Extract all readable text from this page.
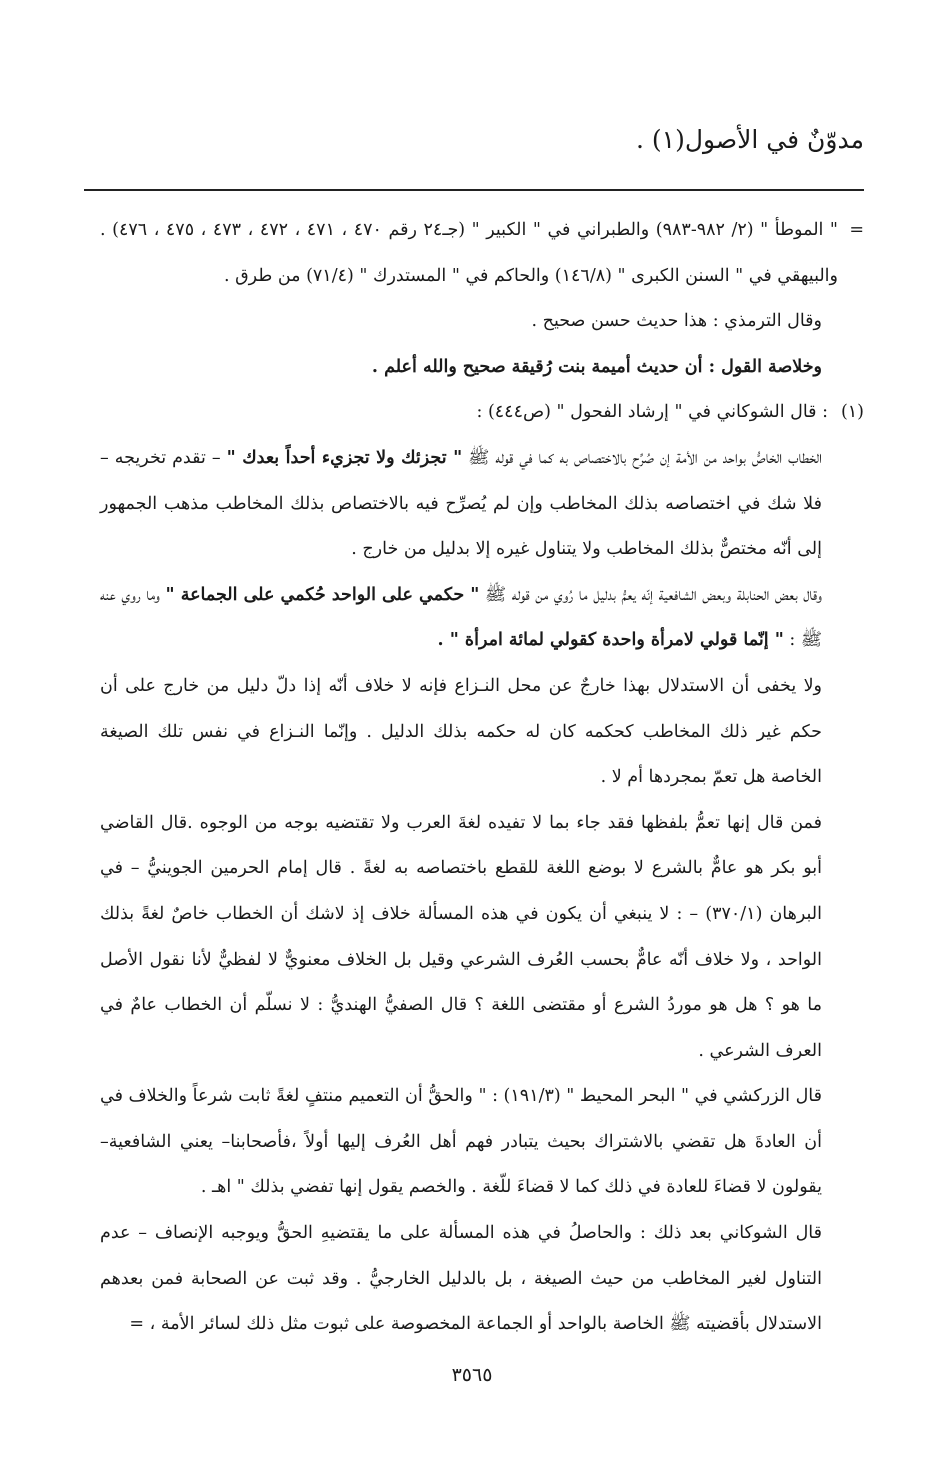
مدوّنٌ في الأصول(١) .

=
" الموطأ " (٢/ ٩٨٢-٩٨٣) والطبراني في " الكبير " (جـ٢٤ رقم ٤٧٠ ، ٤٧١ ، ٤٧٢ ، ٤٧٣ ، ٤٧٥ ، ٤٧٦) . والبيهقي في " السنن الكبرى " (١٤٦/٨) والحاكم في " المستدرك " (٧١/٤) من طرق .

وقال الترمذي : هذا حديث حسن صحيح .

وخلاصة القول : أن حديث أميمة بنت رُقيقة صحيح والله أعلم .

(١)
: قال الشوكاني في " إرشاد الفحول " (ص٤٤٤) :

الخطاب الخاصُّ بواحد من الأمة إن صُرِّح بالاختصاص به كما في قوله ﷺ " تجزئك ولا تجزيء أحداً بعدك " – تقدم تخريجه – فلا شك في اختصاصه بذلك المخاطب وإن لم يُصرِّح فيه بالاختصاص بذلك المخاطب مذهب الجمهور إلى أنّه مختصٌّ بذلك المخاطب ولا يتناول غيره إلا بدليل من خارج .

وقال بعض الحنابلة وبعض الشافعية إنّه يعمُّ بدليل ما رُوي من قوله ﷺ " حكمي على الواحد حُكمي على الجماعة " وما روي عنه ﷺ : " إنّما قولي لامرأة واحدة كقولي لمائة امرأة " .

ولا يخفى أن الاستدلال بهذا خارجٌ عن محل النـزاع فإنه لا خلاف أنّه إذا دلّ دليل من خارج على أن حكم غير ذلك المخاطب كحكمه كان له حكمه بذلك الدليل . وإنّما النـزاع في نفس تلك الصيغة الخاصة هل تعمّ بمجردها أم لا .

فمن قال إنها تعمُّ بلفظها فقد جاء بما لا تفيده لغةَ العرب ولا تقتضيه بوجه من الوجوه .قال القاضي أبو بكر هو عامٌّ بالشرع لا بوضع اللغة للقطع باختصاصه به لغةً . قال إمام الحرمين الجوينيُّ – في البرهان (٣٧٠/١) – : لا ينبغي أن يكون في هذه المسألة خلاف إذ لاشك أن الخطاب خاصٌ لغةً بذلك الواحد ، ولا خلاف أنّه عامٌّ بحسب العُرف الشرعي وقيل بل الخلاف معنويٌّ لا لفظيٌّ لأنا نقول الأصل ما هو ؟ هل هو موردُ الشرع أو مقتضى اللغة ؟ قال الصفيُّ الهنديُّ : لا نسلّم أن الخطاب عامٌ في العرف الشرعي .

قال الزركشي في " البحر المحيط " (١٩١/٣) : " والحقُّ أن التعميم منتفٍ لغةً ثابت شرعاً والخلاف في أن العادةَ هل تقضي بالاشتراك بحيث يتبادر فهم أهل العُرف إليها أولاً ،فأصحابنا– يعني الشافعية– يقولون لا قضاءَ للعادة في ذلك كما لا قضاءَ للّغة . والخصم يقول إنها تفضي بذلك " اهـ .

قال الشوكاني بعد ذلك : والحاصلُ في هذه المسألة على ما يقتضيهِ الحقُّ ويوجبه الإنصاف – عدم التناول لغير المخاطب من حيث الصيغة ، بل بالدليل الخارجيُّ . وقد ثبت عن الصحابة فمن بعدهم الاستدلال بأقضيته ﷺ الخاصة بالواحد أو الجماعة المخصوصة على ثبوت مثل ذلك لسائر الأمة ، =

٣٥٦٥
